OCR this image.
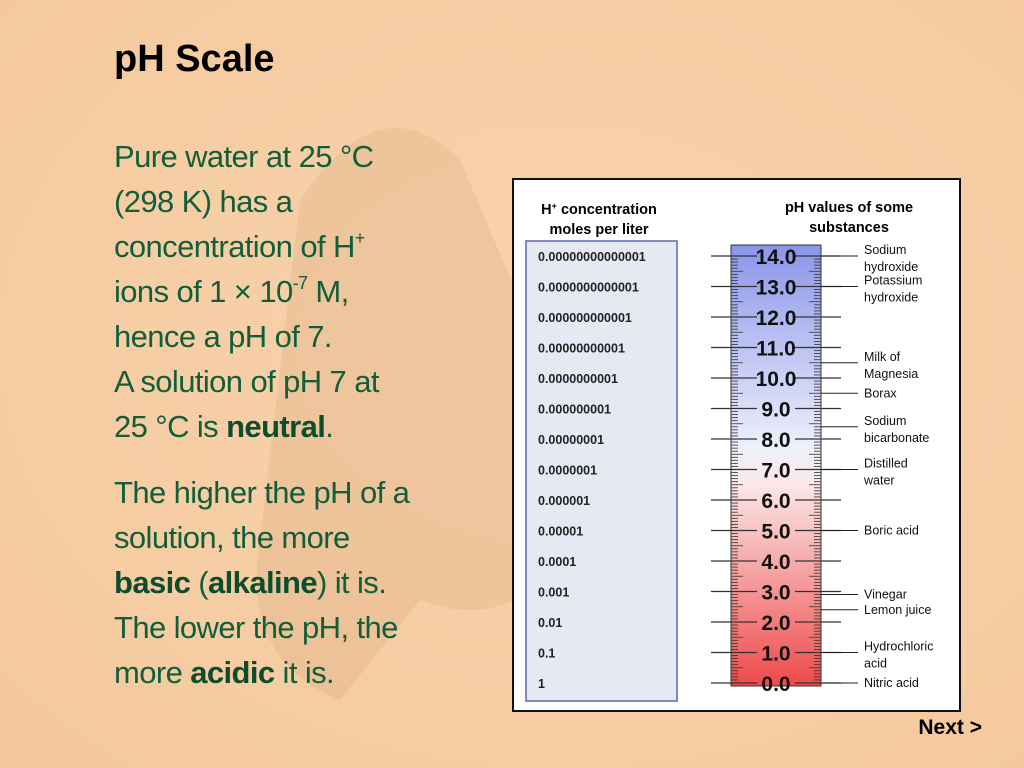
pH Scale
Pure water at 25 °C
(298 K) has a
concentration of H+
ions of $1 \times 10^{-7}$ M,
hence a pH of 7.
A solution of pH 7 at
25 °C is neutral.
The higher the pH of a
solution, the more
basic (alkaline) it is.
The lower the pH, the
more acidic it is.
H+ concentration
moles per liter
pH values of some
substances
0.00000000000001
0.0000000000001
0.000000000001
0.00000000001
0.0000000001
0.000000001
0.00000001
0.0000001
0.000001
0.00001
0.0001
0.001
0.01
0.1
1
14.0
13.0
12.0
11.0
10.0
9.0
8.0
7.0
6.0
5.0
4.0
3.0
2.0
1.0
0.0
Sodium
hydroxide
Potassium
hydroxide
Milk of
Magnesia
Borax
Sodium
bicarbonate
Distilled
water
Boric acid
Vinegar
Lemon juice
Hydrochloric
acid
Nitric acid
Next >
